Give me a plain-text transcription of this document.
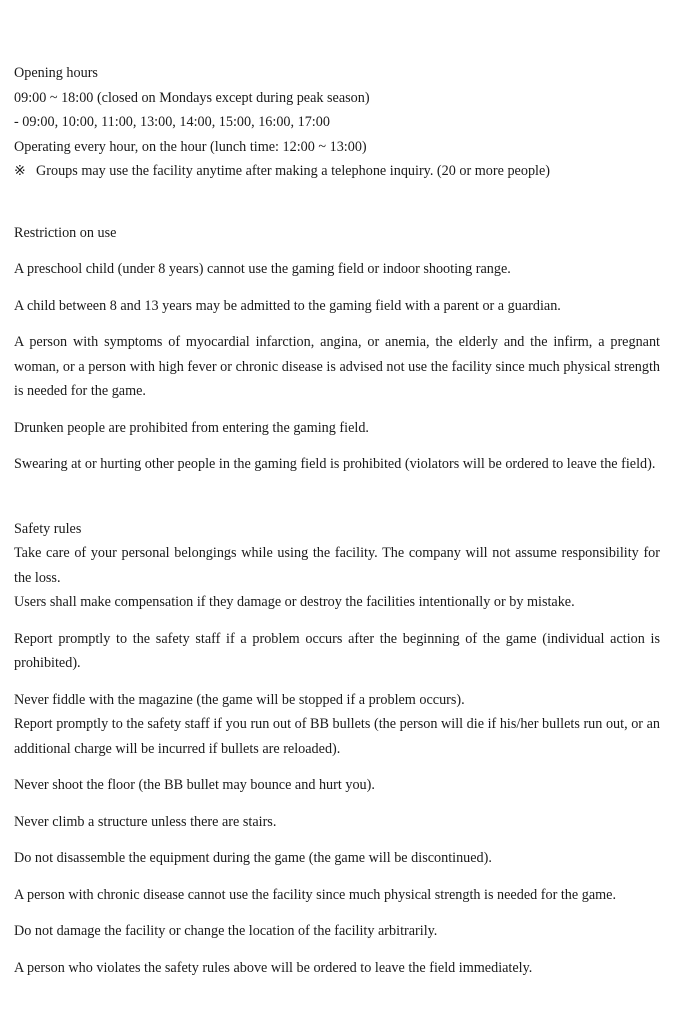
Opening hours

09:00 ~ 18:00 (closed on Mondays except during peak season)

- 09:00, 10:00, 11:00, 13:00, 14:00, 15:00, 16:00, 17:00

Operating every hour, on the hour (lunch time: 12:00 ~ 13:00)

※ Groups may use the facility anytime after making a telephone inquiry. (20 or more people)

Restriction on use

A preschool child (under 8 years) cannot use the gaming field or indoor shooting range.

A child between 8 and 13 years may be admitted to the gaming field with a parent or a guardian.

A person with symptoms of myocardial infarction, angina, or anemia, the elderly and the infirm, a pregnant woman, or a person with high fever or chronic disease is advised not use the facility since much physical strength is needed for the game.

Drunken people are prohibited from entering the gaming field.

Swearing at or hurting other people in the gaming field is prohibited (violators will be ordered to leave the field).

Safety rules

Take care of your personal belongings while using the facility. The company will not assume responsibility for the loss.

Users shall make compensation if they damage or destroy the facilities intentionally or by mistake.

Report promptly to the safety staff if a problem occurs after the beginning of the game (individual action is prohibited).

Never fiddle with the magazine (the game will be stopped if a problem occurs).

Report promptly to the safety staff if you run out of BB bullets (the person will die if his/her bullets run out, or an additional charge will be incurred if bullets are reloaded).

Never shoot the floor (the BB bullet may bounce and hurt you).

Never climb a structure unless there are stairs.

Do not disassemble the equipment during the game (the game will be discontinued).

A person with chronic disease cannot use the facility since much physical strength is needed for the game.

Do not damage the facility or change the location of the facility arbitrarily.

A person who violates the safety rules above will be ordered to leave the field immediately.
